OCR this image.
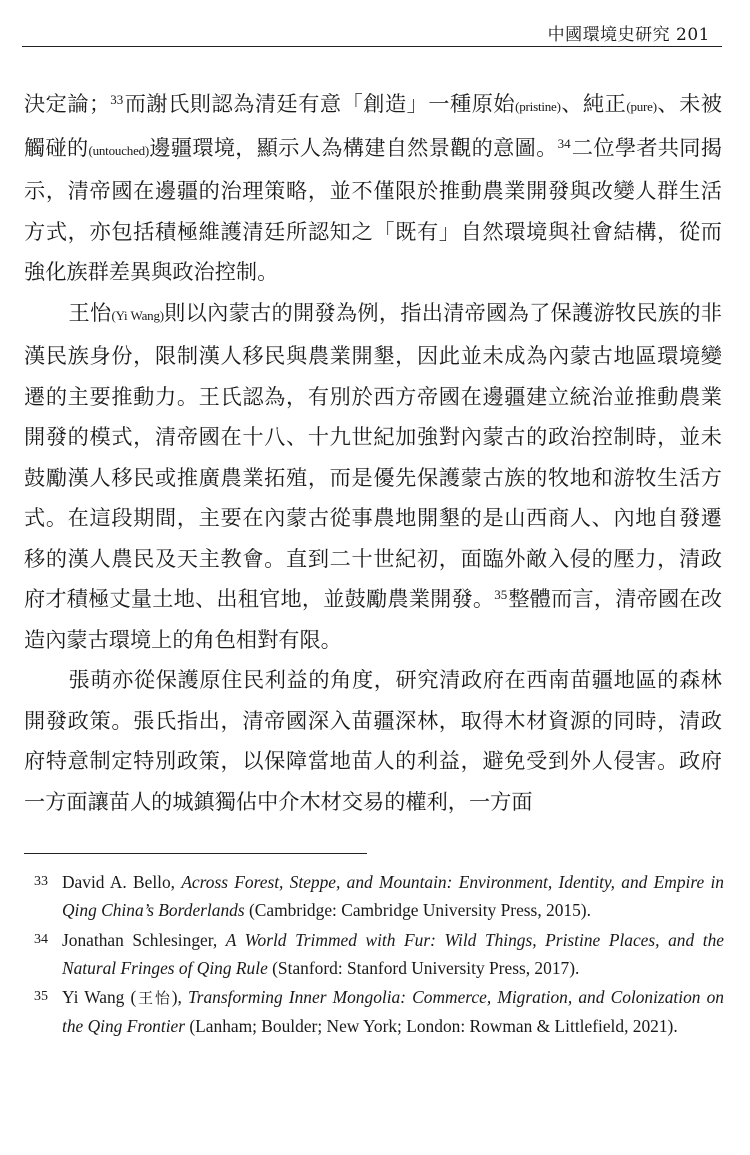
中國環境史研究 201

決定論；$^{33}$而謝氏則認為清廷有意「創造」一種原始(pristine)、純正(pure)、未被觸碰的(untouched)邊疆環境，顯示人為構建自然景觀的意圖。$^{34}$二位學者共同揭示，清帝國在邊疆的治理策略，並不僅限於推動農業開發與改變人群生活方式，亦包括積極維護清廷所認知之「既有」自然環境與社會結構，從而強化族群差異與政治控制。

王怡(Yi Wang)則以內蒙古的開發為例，指出清帝國為了保護游牧民族的非漢民族身份，限制漢人移民與農業開墾，因此並未成為內蒙古地區環境變遷的主要推動力。王氏認為，有別於西方帝國在邊疆建立統治並推動農業開發的模式，清帝國在十八、十九世紀加強對內蒙古的政治控制時，並未鼓勵漢人移民或推廣農業拓殖，而是優先保護蒙古族的牧地和游牧生活方式。在這段期間，主要在內蒙古從事農地開墾的是山西商人、內地自發遷移的漢人農民及天主教會。直到二十世紀初，面臨外敵入侵的壓力，清政府才積極丈量土地、出租官地，並鼓勵農業開發。$^{35}$整體而言，清帝國在改造內蒙古環境上的角色相對有限。

張萌亦從保護原住民利益的角度，研究清政府在西南苗疆地區的森林開發政策。張氏指出，清帝國深入苗疆深林，取得木材資源的同時，清政府特意制定特別政策，以保障當地苗人的利益，避免受到外人侵害。政府一方面讓苗人的城鎮獨佔中介木材交易的權利，一方面

33 David A. Bello, Across Forest, Steppe, and Mountain: Environment, Identity, and Empire in Qing China’s Borderlands (Cambridge: Cambridge University Press, 2015).
34 Jonathan Schlesinger, A World Trimmed with Fur: Wild Things, Pristine Places, and the Natural Fringes of Qing Rule (Stanford: Stanford University Press, 2017).
35 Yi Wang (王怡), Transforming Inner Mongolia: Commerce, Migration, and Colonization on the Qing Frontier (Lanham; Boulder; New York; London: Rowman & Littlefield, 2021).
